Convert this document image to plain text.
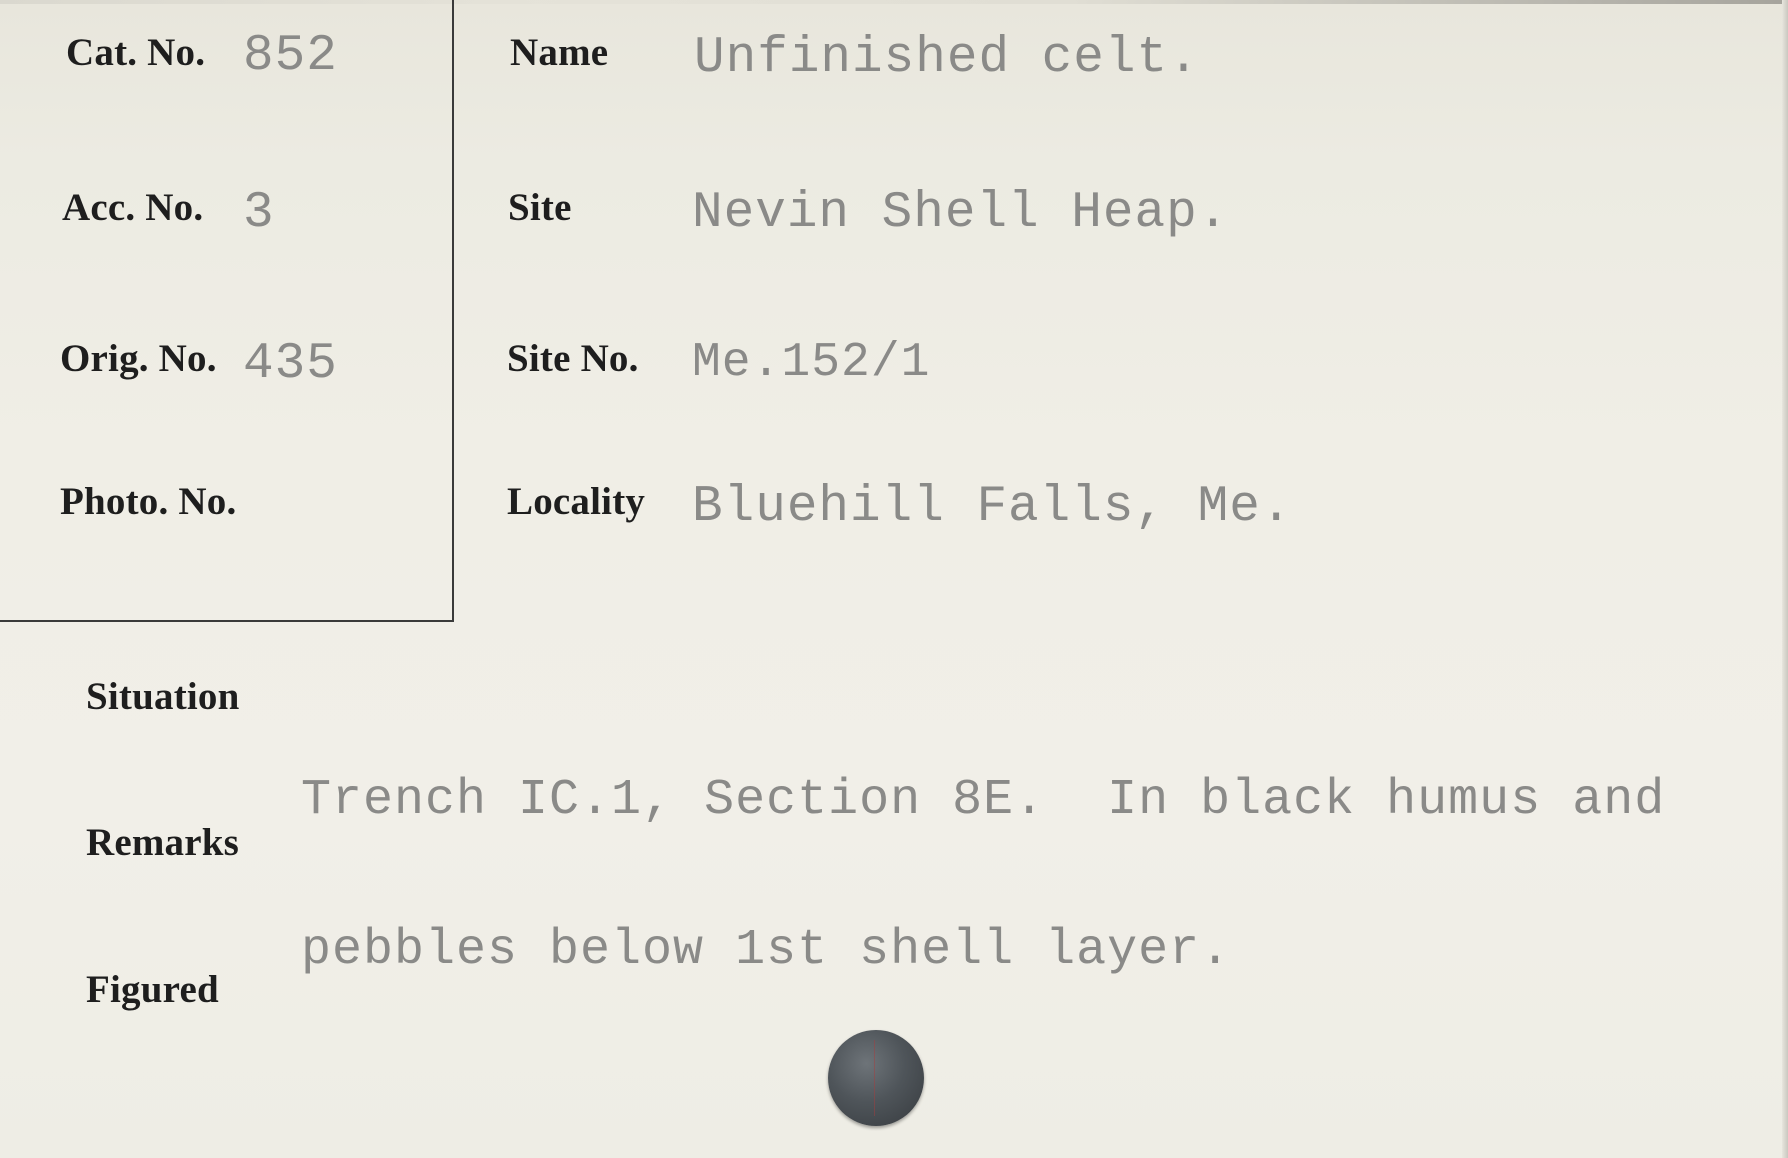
Cat. No. 852
Acc. No. 3
Orig. No. 435
Photo. No.
Name Unfinished celt.
Site Nevin Shell Heap.
Site No. Me.152/1
Locality Bluehill Falls, Me.
Situation

Trench IC.1, Section 8E.  In black humus and

pebbles below 1st shell layer.

Remarks
Figured
